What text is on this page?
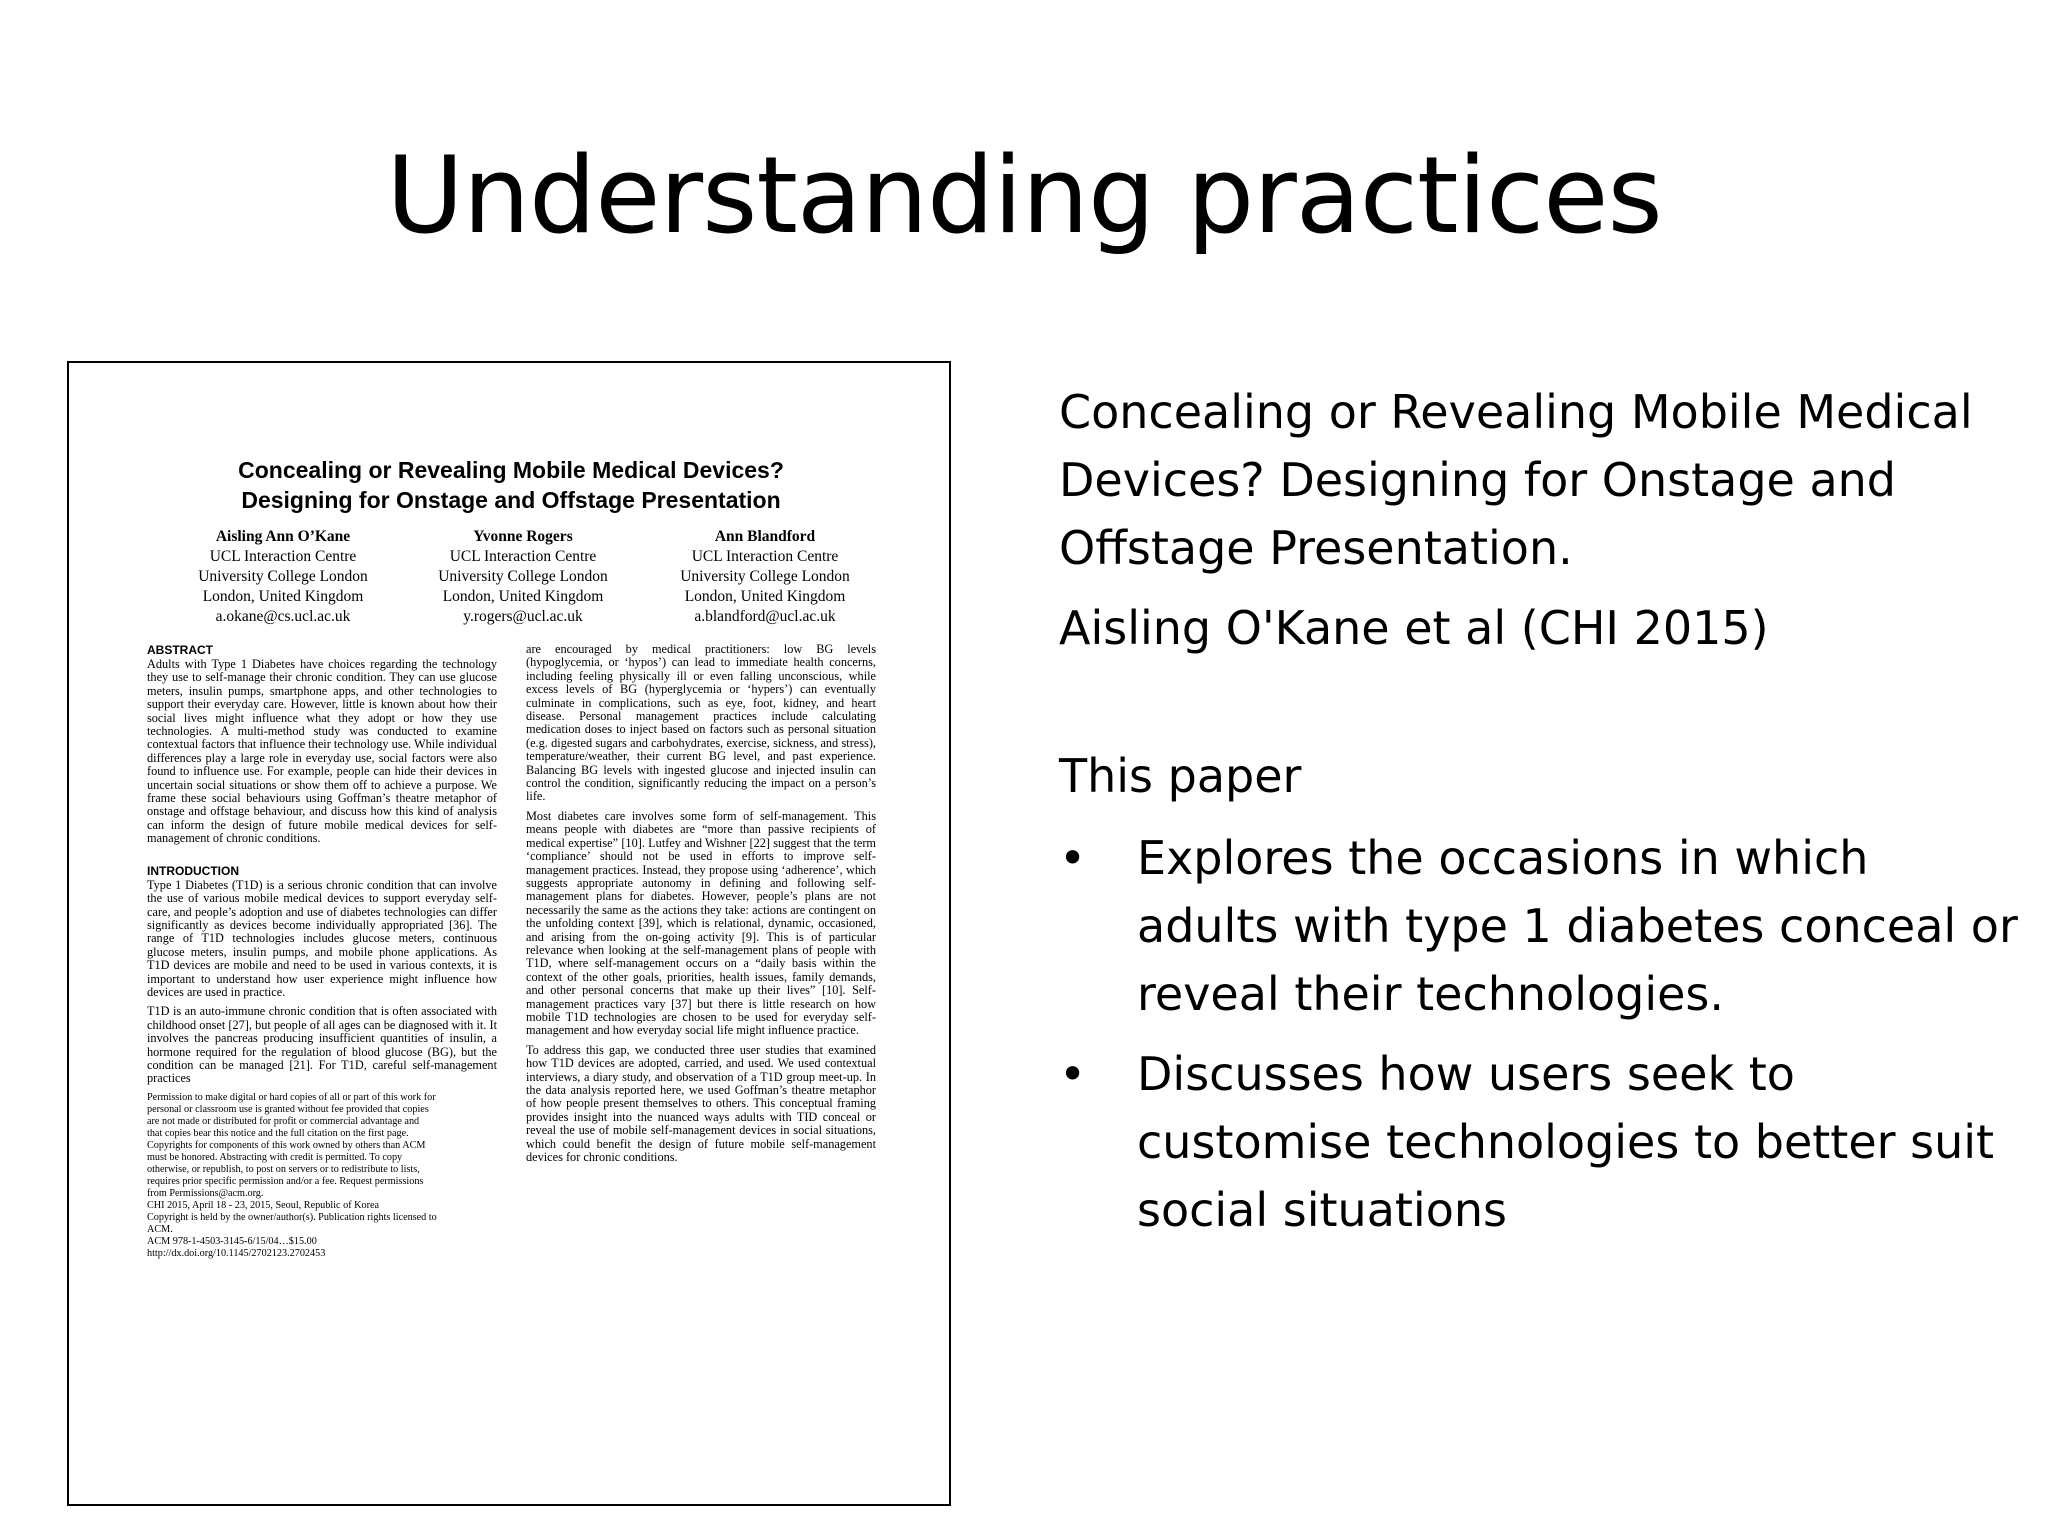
Understanding practices
Concealing or Revealing Mobile Medical Devices?
Designing for Onstage and Offstage Presentation
Aisling Ann O’Kane
UCL Interaction Centre
University College London
London, United Kingdom
a.okane@cs.ucl.ac.uk
Yvonne Rogers
UCL Interaction Centre
University College London
London, United Kingdom
y.rogers@ucl.ac.uk
Ann Blandford
UCL Interaction Centre
University College London
London, United Kingdom
a.blandford@ucl.ac.uk
ABSTRACT

Adults with Type 1 Diabetes have choices regarding the technology they use to self-manage their chronic condition. They can use glucose meters, insulin pumps, smartphone apps, and other technologies to support their everyday care. However, little is known about how their social lives might influence what they adopt or how they use technologies. A multi-method study was conducted to examine contextual factors that influence their technology use. While individual differences play a large role in everyday use, social factors were also found to influence use. For example, people can hide their devices in uncertain social situations or show them off to achieve a purpose. We frame these social behaviours using Goffman’s theatre metaphor of onstage and offstage behaviour, and discuss how this kind of analysis can inform the design of future mobile medical devices for self-management of chronic conditions.

INTRODUCTION

Type 1 Diabetes (T1D) is a serious chronic condition that can involve the use of various mobile medical devices to support everyday self-care, and people’s adoption and use of diabetes technologies can differ significantly as devices become individually appropriated [36]. The range of T1D technologies includes glucose meters, continuous glucose meters, insulin pumps, and mobile phone applications. As T1D devices are mobile and need to be used in various contexts, it is important to understand how user experience might influence how devices are used in practice.

T1D is an auto-immune chronic condition that is often associated with childhood onset [27], but people of all ages can be diagnosed with it. It involves the pancreas producing insufficient quantities of insulin, a hormone required for the regulation of blood glucose (BG), but the condition can be managed [21]. For T1D, careful self-management practices

Permission to make digital or hard copies of all or part of this work for
personal or classroom use is granted without fee provided that copies
are not made or distributed for profit or commercial advantage and
that copies bear this notice and the full citation on the first page.
Copyrights for components of this work owned by others than ACM
must be honored. Abstracting with credit is permitted. To copy
otherwise, or republish, to post on servers or to redistribute to lists,
requires prior specific permission and/or a fee. Request permissions
from Permissions@acm.org.
CHI 2015, April 18 - 23, 2015, Seoul, Republic of Korea
Copyright is held by the owner/author(s). Publication rights licensed to
ACM.
ACM 978-1-4503-3145-6/15/04…$15.00
http://dx.doi.org/10.1145/2702123.2702453

are encouraged by medical practitioners: low BG levels (hypoglycemia, or ‘hypos’) can lead to immediate health concerns, including feeling physically ill or even falling unconscious, while excess levels of BG (hyperglycemia or ‘hypers’) can eventually culminate in complications, such as eye, foot, kidney, and heart disease. Personal management practices include calculating medication doses to inject based on factors such as personal situation (e.g. digested sugars and carbohydrates, exercise, sickness, and stress), temperature/weather, their current BG level, and past experience. Balancing BG levels with ingested glucose and injected insulin can control the condition, significantly reducing the impact on a person’s life.

Most diabetes care involves some form of self-management. This means people with diabetes are “more than passive recipients of medical expertise” [10]. Lutfey and Wishner [22] suggest that the term ‘compliance’ should not be used in efforts to improve self-management practices. Instead, they propose using ‘adherence’, which suggests appropriate autonomy in defining and following self-management plans for diabetes. However, people’s plans are not necessarily the same as the actions they take: actions are contingent on the unfolding context [39], which is relational, dynamic, occasioned, and arising from the on-going activity [9]. This is of particular relevance when looking at the self-management plans of people with T1D, where self-management occurs on a “daily basis within the context of the other goals, priorities, health issues, family demands, and other personal concerns that make up their lives” [10]. Self-management practices vary [37] but there is little research on how mobile T1D technologies are chosen to be used for everyday self-management and how everyday social life might influence practice.

To address this gap, we conducted three user studies that examined how T1D devices are adopted, carried, and used. We used contextual interviews, a diary study, and observation of a T1D group meet-up. In the data analysis reported here, we used Goffman’s theatre metaphor of how people present themselves to others. This conceptual framing provides insight into the nuanced ways adults with TID conceal or reveal the use of mobile self-management devices in social situations, which could benefit the design of future mobile self-management devices for chronic conditions.

Concealing or Revealing Mobile Medical Devices? Designing for Onstage and Offstage Presentation.

Aisling O'Kane et al (CHI 2015)

This paper

• Explores the occasions in which adults with type 1 diabetes conceal or reveal their technologies.
• Discusses how users seek to customise technologies to better suit social situations
